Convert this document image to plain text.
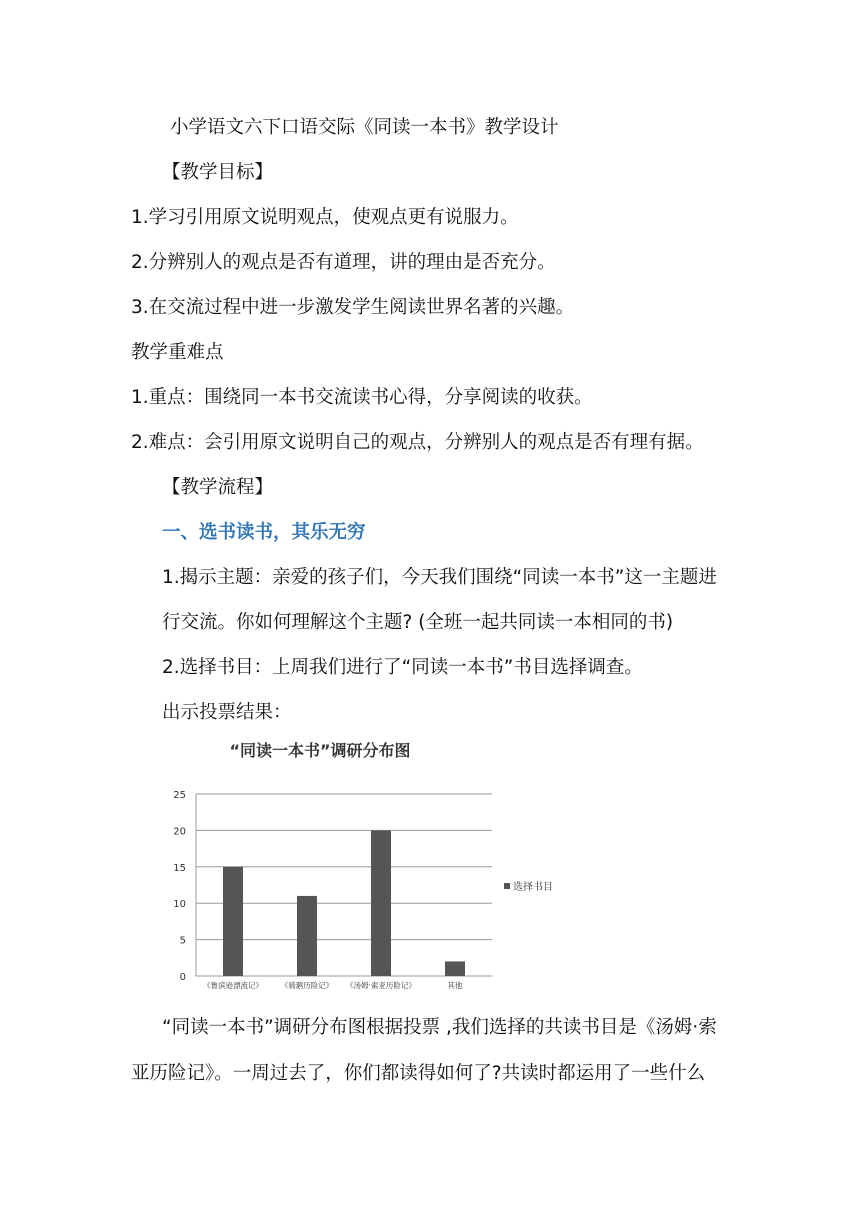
小学语文六下口语交际《同读一本书》教学设计
【教学目标】
1.学习引用原文说明观点，使观点更有说服力。
2.分辨别人的观点是否有道理，讲的理由是否充分。
3.在交流过程中进一步激发学生阅读世界名著的兴趣。
教学重难点
1.重点：围绕同一本书交流读书心得，分享阅读的收获。
2.难点：会引用原文说明自己的观点，分辨别人的观点是否有理有据。
【教学流程】
一、选书读书，其乐无穷
1.揭示主题：亲爱的孩子们，今天我们围绕“同读一本书”这一主题进
行交流。你如何理解这个主题? (全班一起共同读一本相同的书)
2.选择书目：上周我们进行了“同读一本书”书目选择调查。
出示投票结果：
“同读一本书”调研分布图
0
5
10
15
20
25
《鲁滨逊漂流记》 《骑鹅历险记》 《汤姆·索亚历险记》	其他
选择书目
“同读一本书”调研分布图根据投票 ,我们选择的共读书目是《汤姆·索
亚历险记》。一周过去了，你们都读得如何了?共读时都运用了一些什么
